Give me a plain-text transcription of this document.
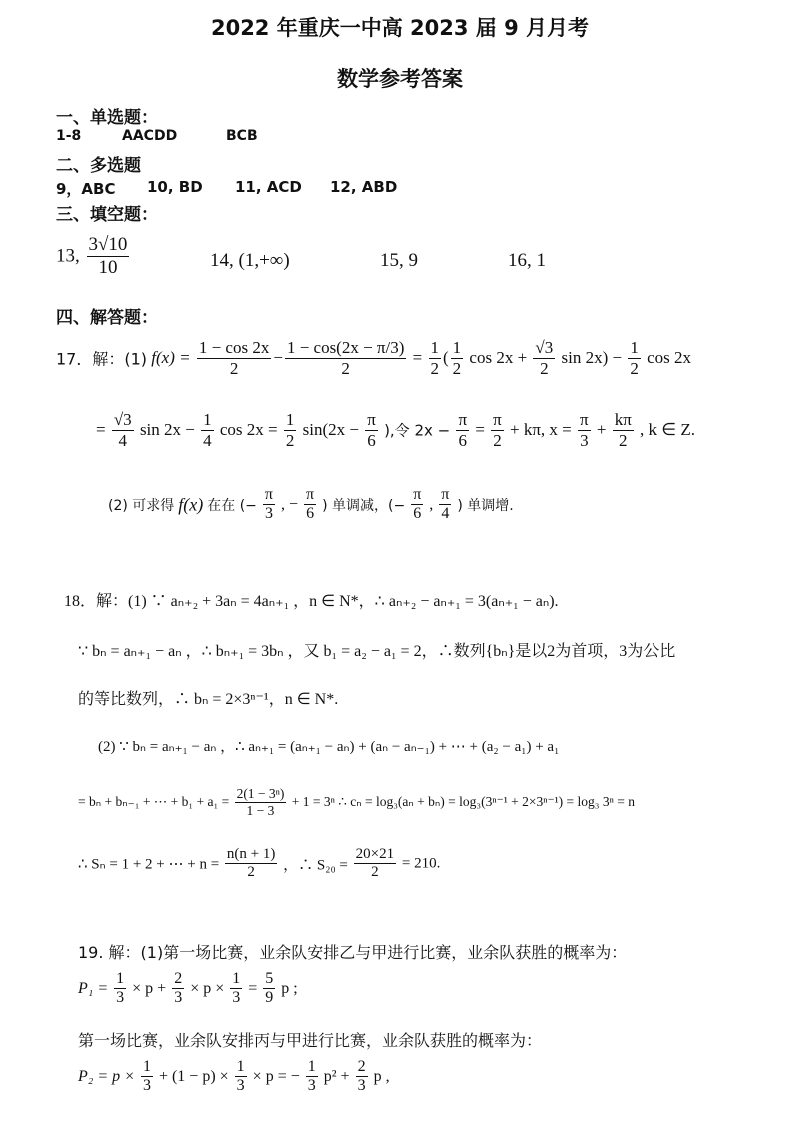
2022 年重庆一中高 2023 届 9 月月考
数学参考答案
一、单选题：
1-8	AACDD	BCB
二、多选题
9，ABC 10, BD 11, ACD 12, ABD
三、填空题：
13, $\frac{3√10}{10}$	14, (1,+∞)	15, 9	16, 1
四、解答题：
17．解：(1) $f(x) = \frac{1 - \cos 2x}{2} - \frac{1 - \cos(2x - \pi/3)}{2} = \frac{1}{2}$ ( $\frac{1}{2}$ $\cos 2x + \frac{√3}{2}$ $\sin 2x) - \frac{1}{2}$ cos 2x
= $\frac{√3}{4}$ $\sin 2x - \frac{1}{4}$ $\cos 2x = \frac{1}{2} \sin(2x - \frac{\pi}{6}$ ),令 $2x - \frac{\pi}{6} = \frac{\pi}{2} + k\pi$, $x = \frac{\pi}{3} + \frac{k\pi}{2}$ , k ∈ Z.
(2) 可求得 f(x) 在在 (− $\frac{\pi}{3}$ , − $\frac{\pi}{6}$ ) 单调减，(− $\frac{\pi}{6}$ , $\frac{\pi}{4}$ ) 单调增.
18．解：(1) ∵ aₙ₊₂ + 3aₙ = 4aₙ₊₁ ，n ∈ N*，∴ aₙ₊₂ − aₙ₊₁ = 3(aₙ₊₁ − aₙ).
∵ bₙ = aₙ₊₁ − aₙ ，∴ bₙ₊₁ = 3bₙ ，又 b₁ = a₂ − a₁ = 2，∴数列{bₙ}是以2为首项，3为公比
的等比数列，∴ bₙ = 2×3ⁿ⁻¹，n ∈ N*.
(2) ∵ bₙ = aₙ₊₁ − aₙ ，∴ aₙ₊₁ = (aₙ₊₁ − aₙ) + (aₙ − aₙ₋₁) + ⋯ + (a₂ − a₁) + a₁
= bₙ + bₙ₋₁ + ⋯ + $b_1 + a_1 = \frac{\text{2(1 − 3ⁿ)}}{1 - 3} + 1 = 3^n$ ∴ cₙ = log₃(aₙ + bₙ) = log₃(3ⁿ⁻¹ + 2×3ⁿ⁻¹) = log₃ 3ⁿ = n
∴ Sₙ = 1 + 2 + ⋯ + $n = \frac{n(n + 1)}{2}$ ，∴ $S_{20} = \frac{20\times 21}{2} = 210$.
19. 解：(1)第一场比赛，业余队安排乙与甲进行比赛，业余队获胜的概率为：
$P_1 = \frac{1}{3} \times p + \frac{2}{3} \times p \times \frac{1}{3} = \frac{5}{9}$ p ;
第一场比赛，业余队安排丙与甲进行比赛，业余队获胜的概率为：
$P_2 = p \times \frac{1}{3} + (1 - p) \times \frac{1}{3} \times p$ = − $\frac{1}{3} p^2 + \frac{2}{3}$ p ,
